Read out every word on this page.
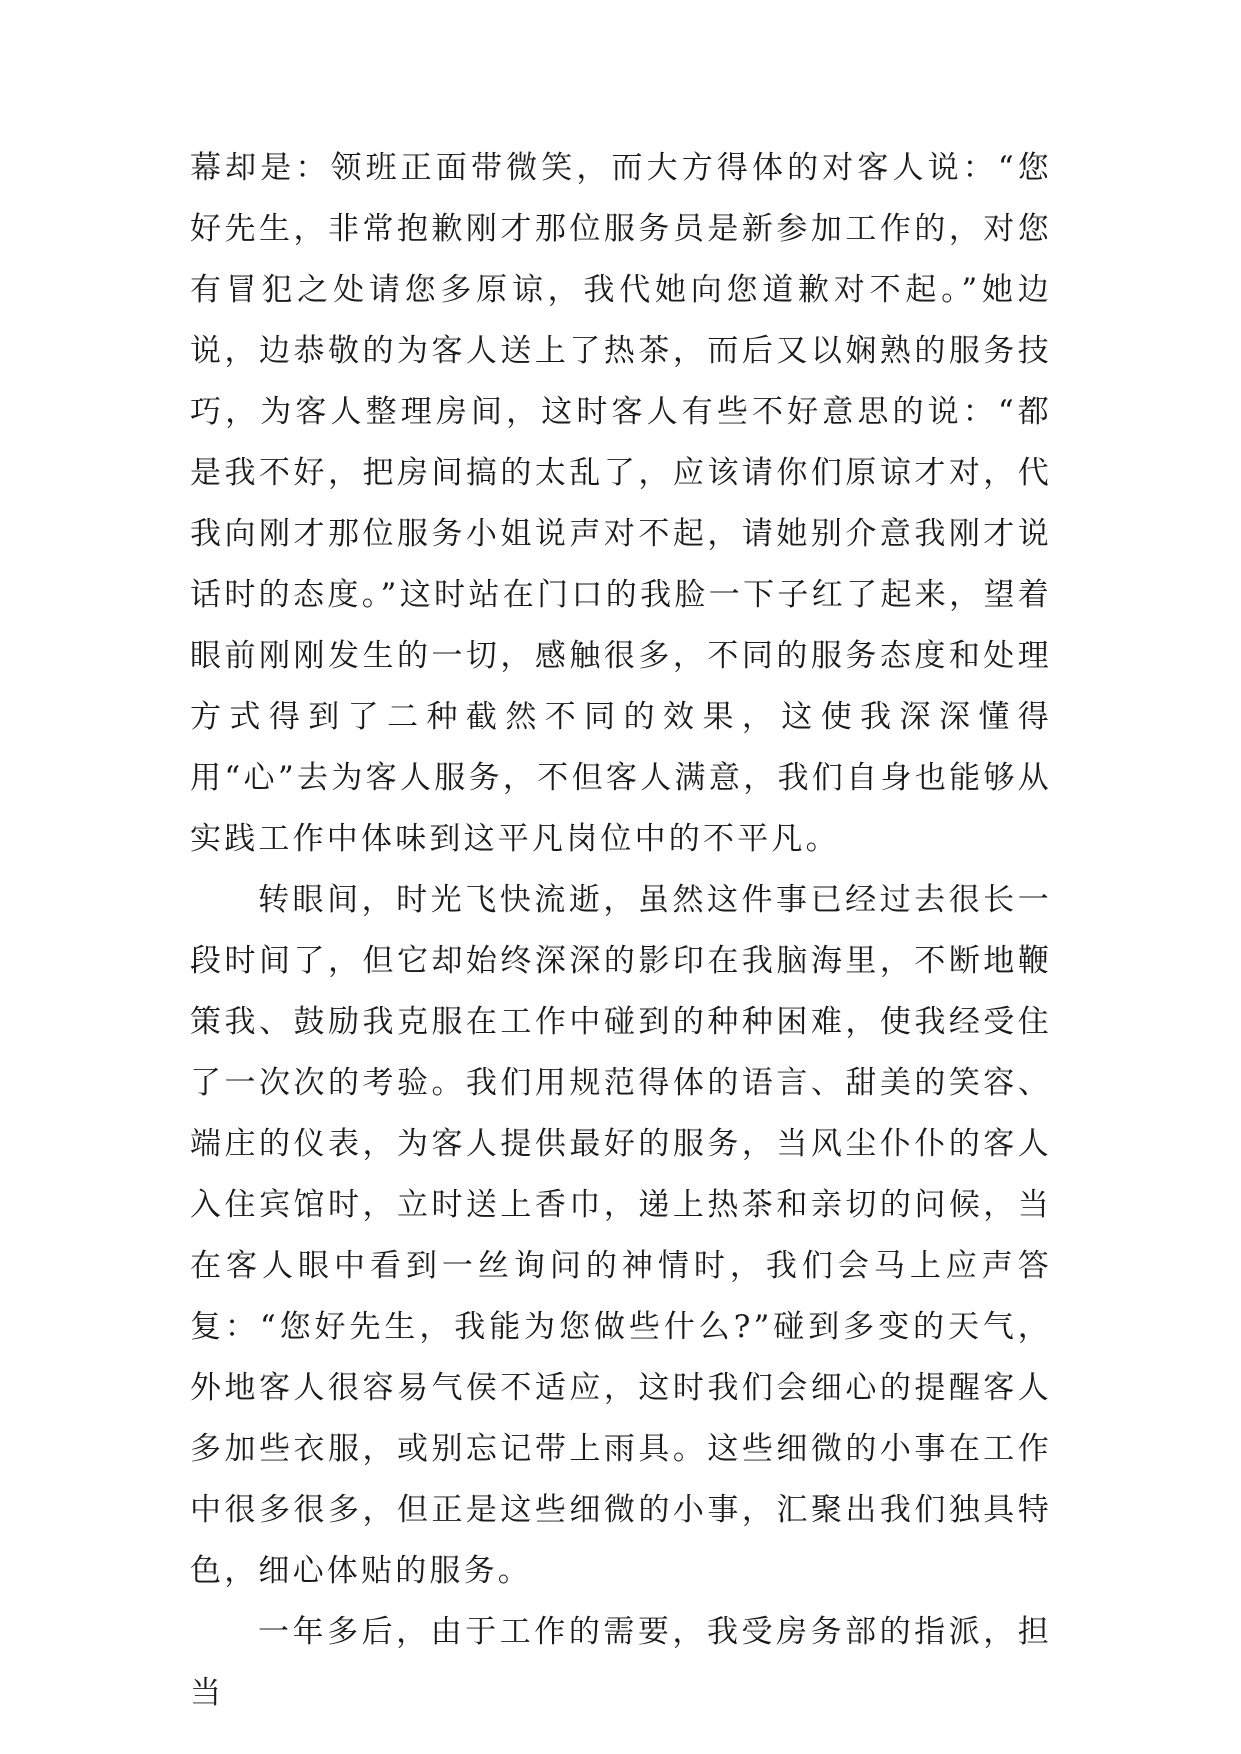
幕却是：领班正面带微笑，而大方得体的对客人说：“您好先生，非常抱歉刚才那位服务员是新参加工作的，对您有冒犯之处请您多原谅，我代她向您道歉对不起。”她边说，边恭敬的为客人送上了热茶，而后又以娴熟的服务技巧，为客人整理房间，这时客人有些不好意思的说：“都是我不好，把房间搞的太乱了，应该请你们原谅才对，代我向刚才那位服务小姐说声对不起，请她别介意我刚才说话时的态度。”这时站在门口的我脸一下子红了起来，望着眼前刚刚发生的一切，感触很多，不同的服务态度和处理方式得到了二种截然不同的效果，这使我深深懂得用“心”去为客人服务，不但客人满意，我们自身也能够从实践工作中体味到这平凡岗位中的不平凡。

转眼间，时光飞快流逝，虽然这件事已经过去很长一段时间了，但它却始终深深的影印在我脑海里，不断地鞭策我、鼓励我克服在工作中碰到的种种困难，使我经受住了一次次的考验。我们用规范得体的语言、甜美的笑容、端庄的仪表，为客人提供最好的服务，当风尘仆仆的客人入住宾馆时，立时送上香巾，递上热茶和亲切的问候，当在客人眼中看到一丝询问的神情时，我们会马上应声答复：“您好先生，我能为您做些什么?”碰到多变的天气，外地客人很容易气侯不适应，这时我们会细心的提醒客人多加些衣服，或别忘记带上雨具。这些细微的小事在工作中很多很多，但正是这些细微的小事，汇聚出我们独具特色，细心体贴的服务。

一年多后，由于工作的需要，我受房务部的指派，担当
